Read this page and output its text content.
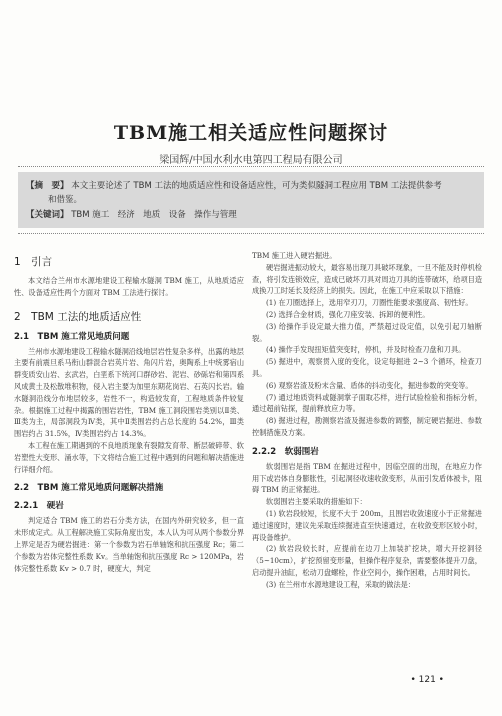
TBM施工相关适应性问题探讨
梁国辉/中国水利水电第四工程局有限公司
【摘　要】 本文主要论述了 TBM 工法的地质适应性和设备适应性，可为类似隧洞工程应用 TBM 工法提供参考
和借鉴。
【关键词】 TBM 施工　经济　地质　设备　操作与管理
1　引言

本文结合兰州市水源地建设工程输水隧洞 TBM 施工，从地质适应性、设备适应性两个方面对 TBM 工法进行探讨。

2　TBM 工法的地质适应性
2.1　TBM 施工常见地质问题

兰州市水源地建设工程输水隧洞沿线地层岩性复杂多样，出露的地层主要有前震旦系马衔山群混合岩英片岩、角闪片岩，奥陶系上中统雾宿山群变质安山岩、玄武岩，白垩系下统河口群砂岩、泥岩、砂砾岩和第四系风成黄土及松散堆积物，侵入岩主要为加里东期花岗岩、石英闪长岩。输水隧洞沿线分布地层较多，岩性不一，构造较发育，工程地质条件较复杂。根据施工过程中揭露的围岩岩性，TBM 施工洞段围岩类别以Ⅱ类、Ⅲ类为主，局部洞段为Ⅳ类，其中Ⅱ类围岩约占总长度的 54.2%，Ⅲ类围岩约占 31.5%，Ⅳ类围岩约占 14.3%。

本工程在施工期遇到的不良地质现象有裂隙发育带、断层破碎带、软岩塑性大变形、涌水等，下文将结合施工过程中遇到的问题和解决措施进行详细介绍。

2.2　TBM 施工常见地质问题解决措施
2.2.1　硬岩

判定适合 TBM 施工的岩石分类方法，在国内外研究较多，但一直未形成定式。从工程解决施工实际角度出发，本人认为可从两个参数分界上界定是否为硬岩掘进：第一个参数为岩石单轴饱和抗压强度 Rc；第二个参数为岩体完整性系数 Kv。当单轴饱和抗压强度 Rc > 120MPa，岩体完整性系数 Kv > 0.7 时，硬度大，判定

TBM 施工进入硬岩掘进。

硬岩掘进振动较大，最容易出现刀具破坏现象，一旦不能及时停机检查，将引发连锁效应，造成已破坏刀具对周边刀具的连带破坏，给项目造成换刀工时延长及经济上的损失。因此，在施工中应采取以下措施：

(1) 在刀圈选择上，选用窄刃刀，刀圈性能要求强度高、韧性好。

(2) 选择合金材质，强化刀座安装、拆卸的便利性。

(3) 给操作手设定最大推力值，严禁超过设定值，以免引起刀轴断裂。

(4) 操作手发现扭矩值突变时，停机，并及时检查刀盘和刀具。

(5) 掘进中，观察贯入度的变化，设定每掘进 2~3 个循环，检查刀具。

(6) 观察岩渣及粉末含量、盾体的抖动变化，掘进参数的突变等。

(7) 通过地质资料或隧洞掌子面取芯样，进行试验检验和指标分析，通过超前钻探，提前释放应力等。

(8) 掘进过程，勘测察岩渣及掘进参数的调整，制定硬岩掘进、参数控制措施及方案。

2.2.2　软弱围岩

软弱围岩是指 TBM 在掘进过程中，因临空面的出现，在地应力作用下或岩体自身膨胀性，引起洞径收速收敛变形，从而引发盾体被卡，阻碍 TBM 的正常掘进。

软弱围岩主要采取的措施如下：

(1) 软岩段较短，长度不大于 200m，且围岩收敛速度小于正常掘进通过速度时，建议先采取连续掘进直至快速通过，在收敛变形区较小时，再设备维护。

(2) 软岩段较长时，应提前在边刀上加装扩挖块，增大开挖洞径（5~10cm），扩挖预留变形量，但操作程序复杂，需要整体提升刀盘，启动提升油缸，松动刀盘螺栓，作业空间小，操作困难，占用时间长。

(3) 在兰州市水源地建设工程，采取的做法是：

• 121 •
